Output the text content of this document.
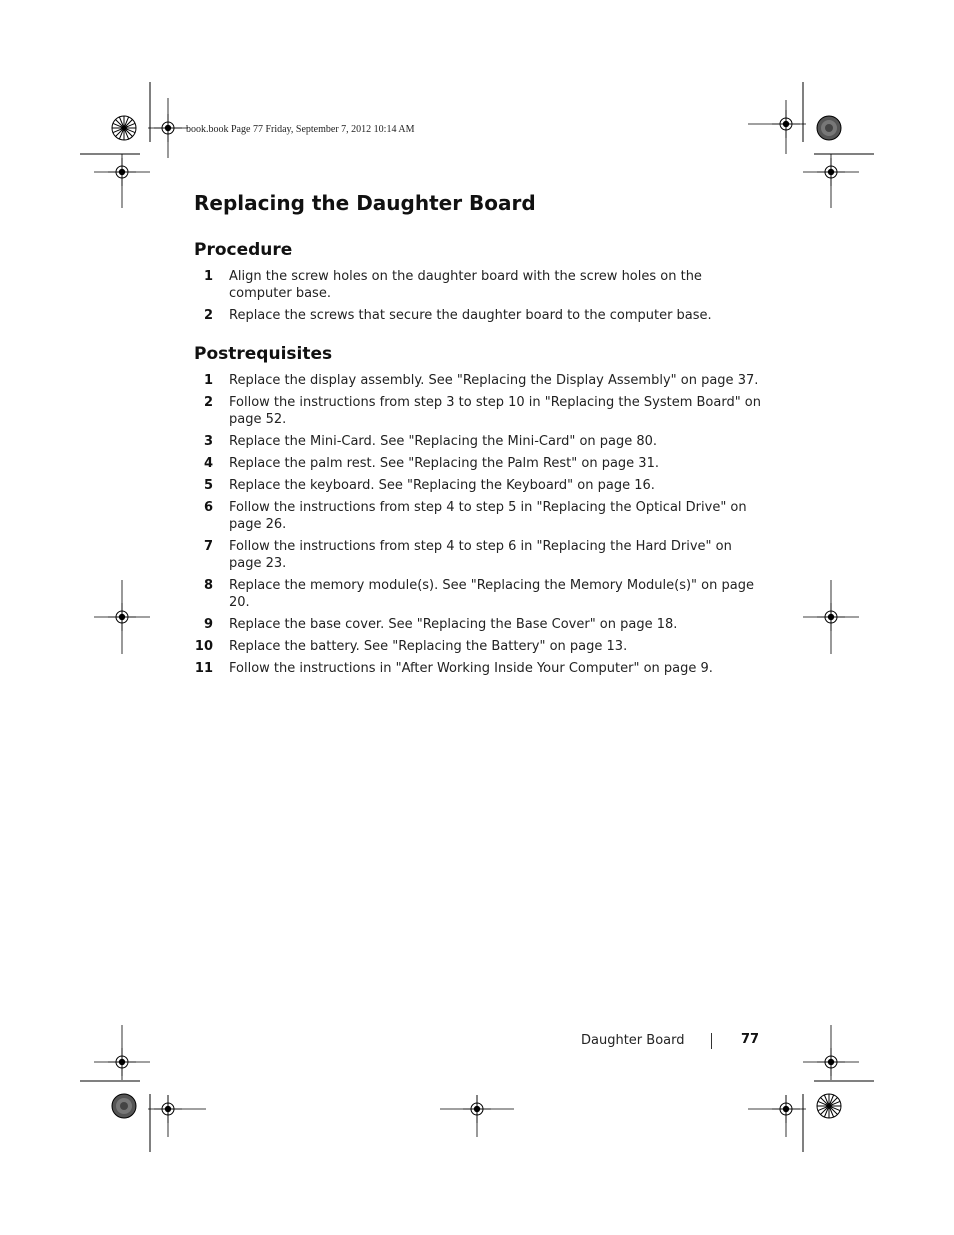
book.book Page 77 Friday, September 7, 2012 10:14 AM
Replacing the Daughter Board
Procedure
1 Align the screw holes on the daughter board with the screw holes on the computer base.
2 Replace the screws that secure the daughter board to the computer base.
Postrequisites
1 Replace the display assembly. See "Replacing the Display Assembly" on page 37.
2 Follow the instructions from step 3 to step 10 in "Replacing the System Board" on page 52.
3 Replace the Mini-Card. See "Replacing the Mini-Card" on page 80.
4 Replace the palm rest. See "Replacing the Palm Rest" on page 31.
5 Replace the keyboard. See "Replacing the Keyboard" on page 16.
6 Follow the instructions from step 4 to step 5 in "Replacing the Optical Drive" on page 26.
7 Follow the instructions from step 4 to step 6 in "Replacing the Hard Drive" on page 23.
8 Replace the memory module(s). See "Replacing the Memory Module(s)" on page 20.
9 Replace the base cover. See "Replacing the Base Cover" on page 18.
10 Replace the battery. See "Replacing the Battery" on page 13.
11 Follow the instructions in "After Working Inside Your Computer" on page 9.
Daughter Board	77
